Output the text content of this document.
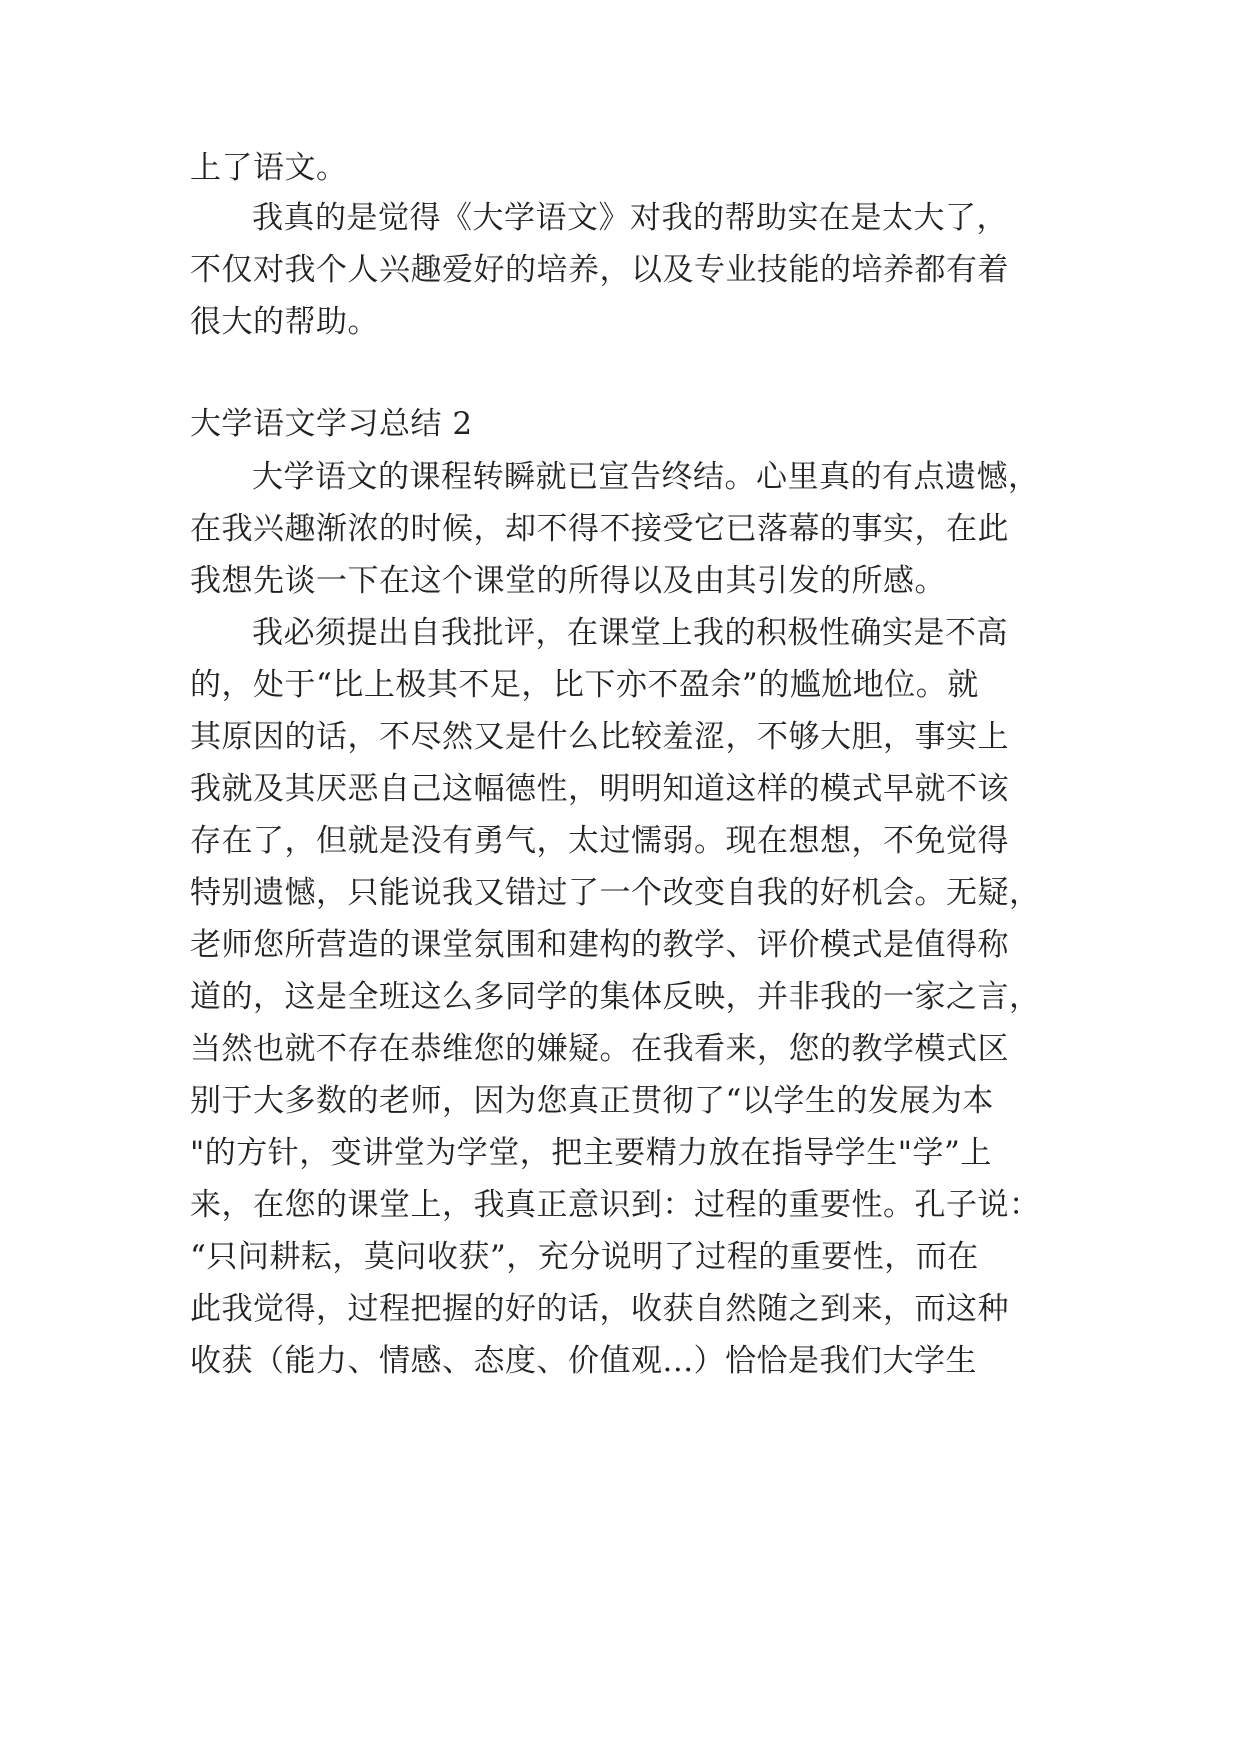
上了语文。
我真的是觉得《大学语文》对我的帮助实在是太大了，
不仅对我个人兴趣爱好的培养，以及专业技能的培养都有着
很大的帮助。
大学语文学习总结 2
大学语文的课程转瞬就已宣告终结。心里真的有点遗憾，
在我兴趣渐浓的时候，却不得不接受它已落幕的事实，在此
我想先谈一下在这个课堂的所得以及由其引发的所感。
我必须提出自我批评，在课堂上我的积极性确实是不高
的，处于“比上极其不足，比下亦不盈余”的尴尬地位。就
其原因的话，不尽然又是什么比较羞涩，不够大胆，事实上
我就及其厌恶自己这幅德性，明明知道这样的模式早就不该
存在了，但就是没有勇气，太过懦弱。现在想想，不免觉得
特别遗憾，只能说我又错过了一个改变自我的好机会。无疑，
老师您所营造的课堂氛围和建构的教学、评价模式是值得称
道的，这是全班这么多同学的集体反映，并非我的一家之言，
当然也就不存在恭维您的嫌疑。在我看来，您的教学模式区
别于大多数的老师，因为您真正贯彻了“以学生的发展为本
"的方针，变讲堂为学堂，把主要精力放在指导学生"学”上
来，在您的课堂上，我真正意识到：过程的重要性。孔子说：
“只问耕耘，莫问收获”，充分说明了过程的重要性，而在
此我觉得，过程把握的好的话，收获自然随之到来，而这种
收获（能力、情感、态度、价值观...）恰恰是我们大学生
